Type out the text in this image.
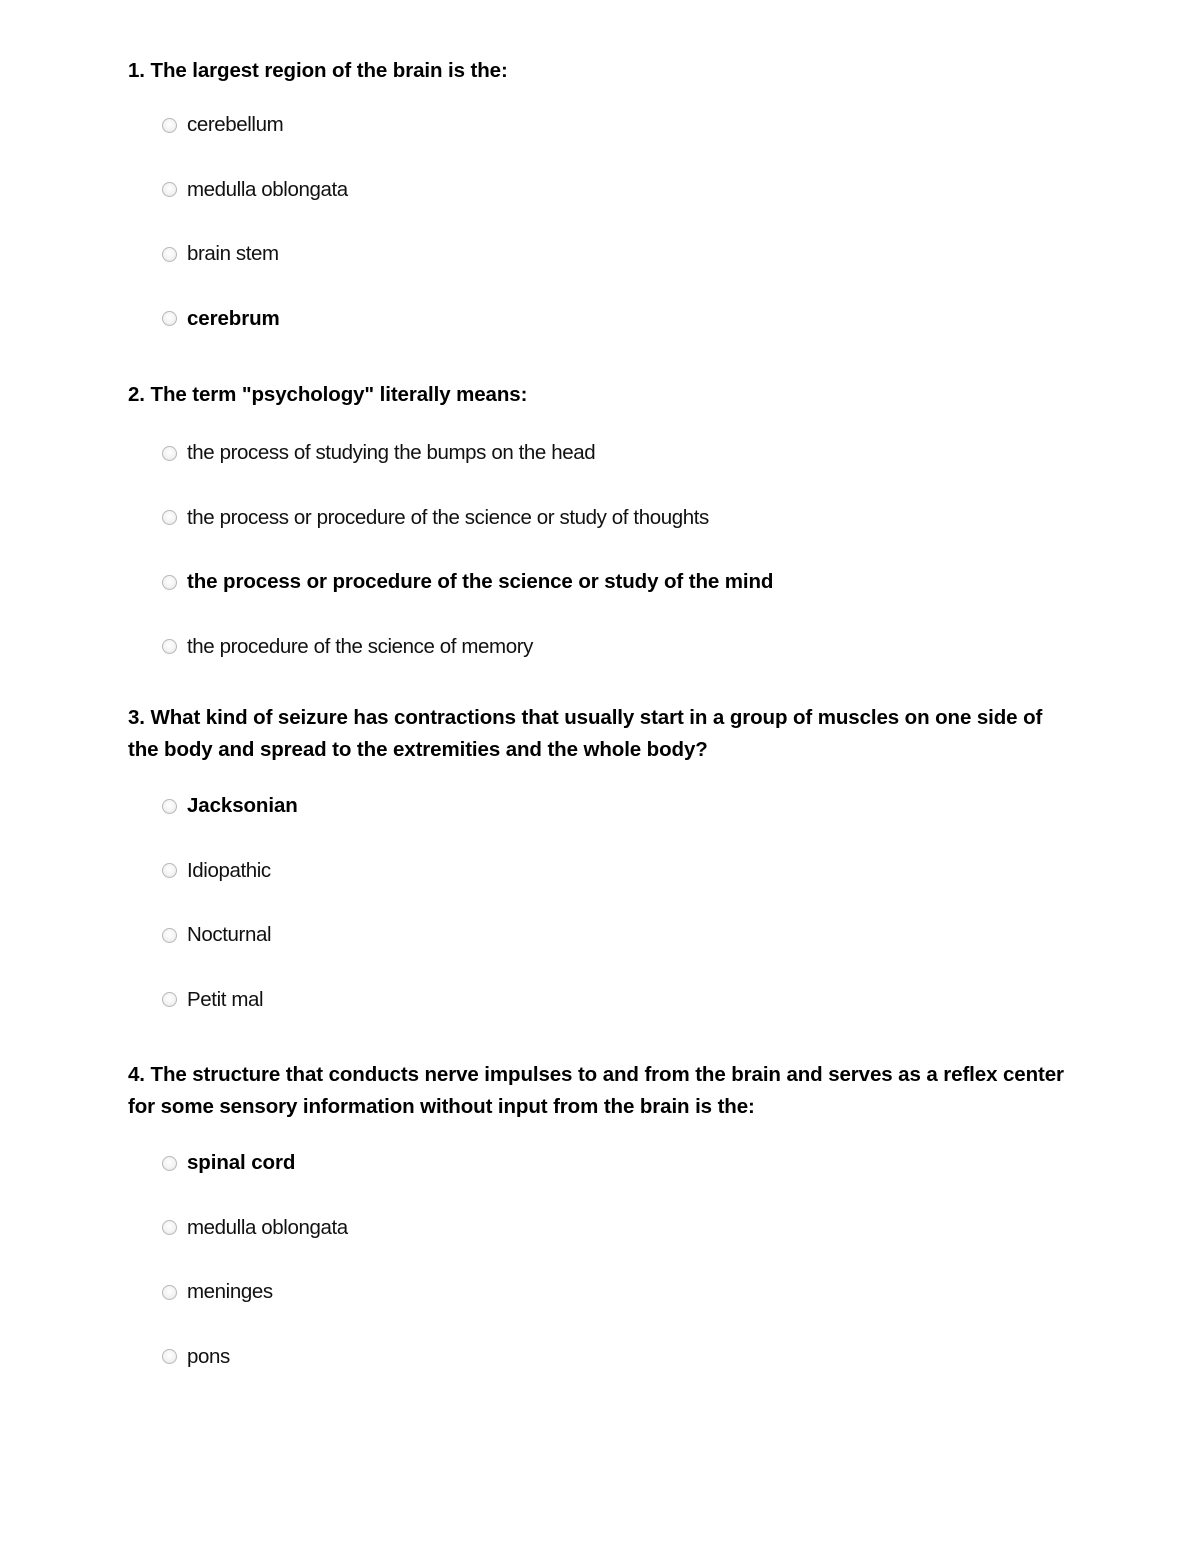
1. The largest region of the brain is the:

cerebellum
medulla oblongata
brain stem
cerebrum

2. The term "psychology" literally means:

the process of studying the bumps on the head
the process or procedure of the science or study of thoughts
the process or procedure of the science or study of the mind
the procedure of the science of memory

3. What kind of seizure has contractions that usually start in a group of muscles on one side of the body and spread to the extremities and the whole body?

Jacksonian
Idiopathic
Nocturnal
Petit mal

4. The structure that conducts nerve impulses to and from the brain and serves as a reflex center for some sensory information without input from the brain is the:

spinal cord
medulla oblongata
meninges
pons
